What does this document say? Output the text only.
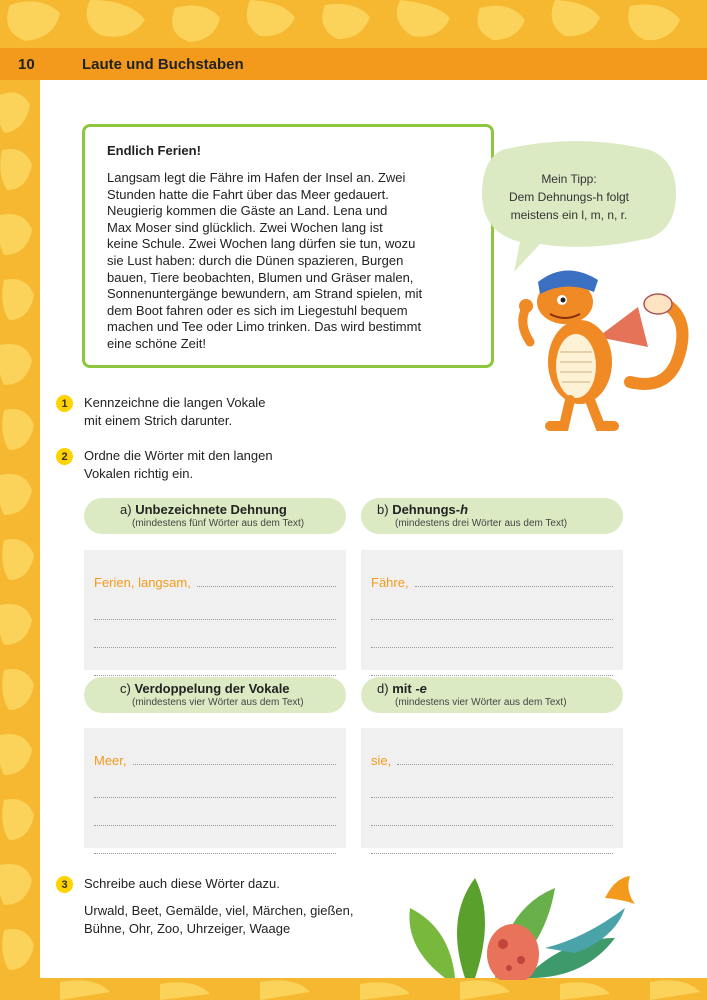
10	Laute und Buchstaben
Endlich Ferien!

Langsam legt die Fähre im Hafen der Insel an. Zwei
Stunden hatte die Fahrt über das Meer gedauert.
Neugierig kommen die Gäste an Land. Lena und
Max Moser sind glücklich. Zwei Wochen lang ist
keine Schule. Zwei Wochen lang dürfen sie tun, wozu
sie Lust haben: durch die Dünen spazieren, Burgen
bauen, Tiere beobachten, Blumen und Gräser malen,
Sonnenuntergänge bewundern, am Strand spielen, mit
dem Boot fahren oder es sich im Liegestuhl bequem
machen und Tee oder Limo trinken. Das wird bestimmt
eine schöne Zeit!

Mein Tipp:
Dem Dehnungs-h folgt
meistens ein l, m, n, r.
1	Kennzeichne die langen Vokale
mit einem Strich darunter.
2	Ordne die Wörter mit den langen
Vokalen richtig ein.
a) Unbezeichnete Dehnung
(mindestens fünf Wörter aus dem Text)
Ferien, langsam,
b) Dehnungs-h
(mindestens drei Wörter aus dem Text)
Fähre,
c) Verdoppelung der Vokale
(mindestens vier Wörter aus dem Text)
Meer,
d) mit -e
(mindestens vier Wörter aus dem Text)
sie,
3	Schreibe auch diese Wörter dazu.
Urwald, Beet, Gemälde, viel, Märchen, gießen,
Bühne, Ohr, Zoo, Uhrzeiger, Waage
